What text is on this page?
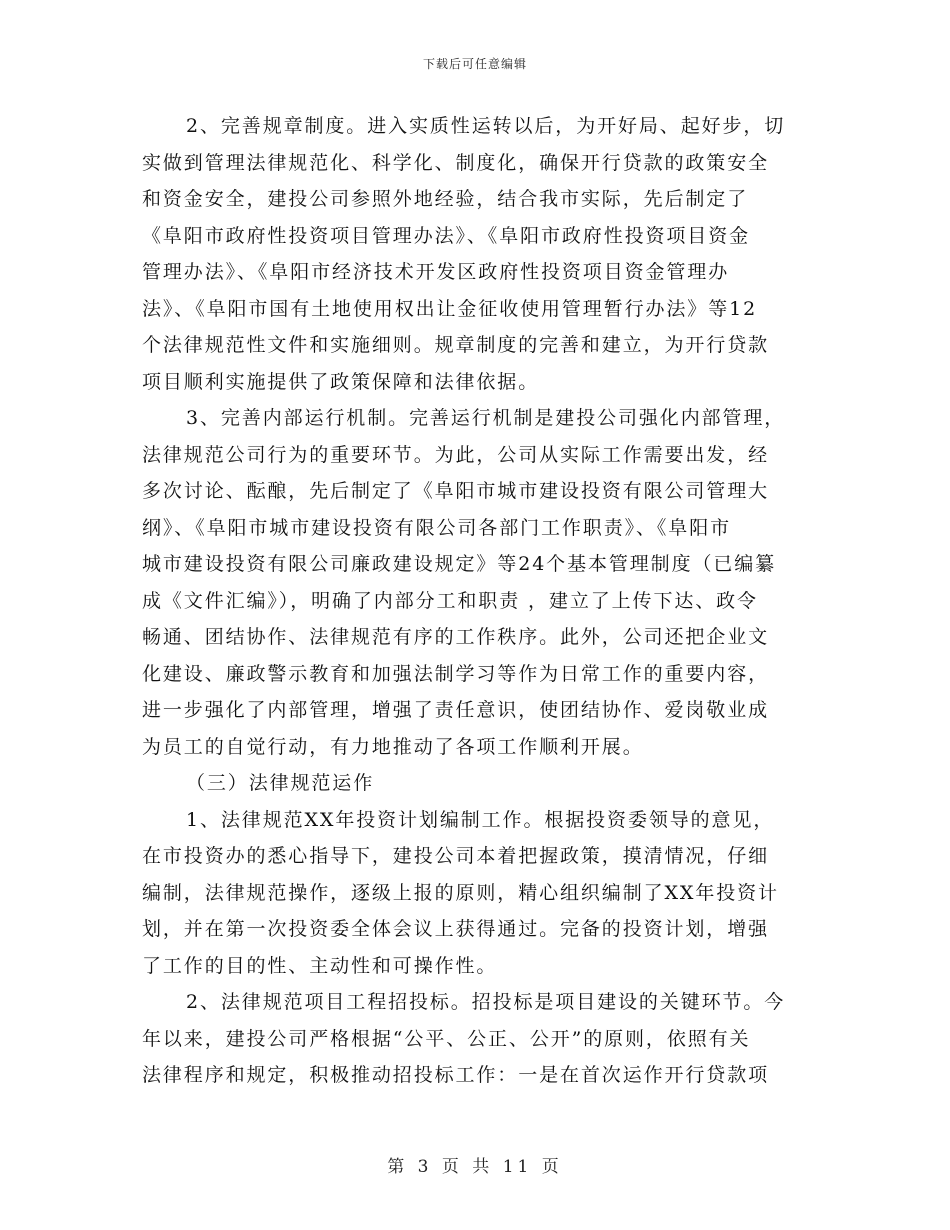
下载后可任意编辑
2、完善规章制度。进入实质性运转以后，为开好局、起好步，切
实做到管理法律规范化、科学化、制度化，确保开行贷款的政策安全
和资金安全，建投公司参照外地经验，结合我市实际，先后制定了
《阜阳市政府性投资项目管理办法》、《阜阳市政府性投资项目资金
管理办法》、《阜阳市经济技术开发区政府性投资项目资金管理办
法》、《阜阳市国有土地使用权出让金征收使用管理暂行办法》等12
个法律规范性文件和实施细则。规章制度的完善和建立，为开行贷款
项目顺利实施提供了政策保障和法律依据。
3、完善内部运行机制。完善运行机制是建投公司强化内部管理，
法律规范公司行为的重要环节。为此，公司从实际工作需要出发，经
多次讨论、酝酿，先后制定了《阜阳市城市建设投资有限公司管理大
纲》、《阜阳市城市建设投资有限公司各部门工作职责》、《阜阳市
城市建设投资有限公司廉政建设规定》等24个基本管理制度（已编纂
成《文件汇编》），明确了内部分工和职责 ，建立了上传下达、政令
畅通、团结协作、法律规范有序的工作秩序。此外，公司还把企业文
化建设、廉政警示教育和加强法制学习等作为日常工作的重要内容，
进一步强化了内部管理，增强了责任意识，使团结协作、爱岗敬业成
为员工的自觉行动，有力地推动了各项工作顺利开展。
（三）法律规范运作
1、法律规范XX年投资计划编制工作。根据投资委领导的意见，
在市投资办的悉心指导下，建投公司本着把握政策，摸清情况，仔细
编制，法律规范操作，逐级上报的原则，精心组织编制了XX年投资计
划，并在第一次投资委全体会议上获得通过。完备的投资计划，增强
了工作的目的性、主动性和可操作性。
2、法律规范项目工程招投标。招投标是项目建设的关键环节。今
年以来，建投公司严格根据“公平、公正、公开”的原则，依照有关
法律程序和规定，积极推动招投标工作：一是在首次运作开行贷款项
第 3 页 共 11 页
